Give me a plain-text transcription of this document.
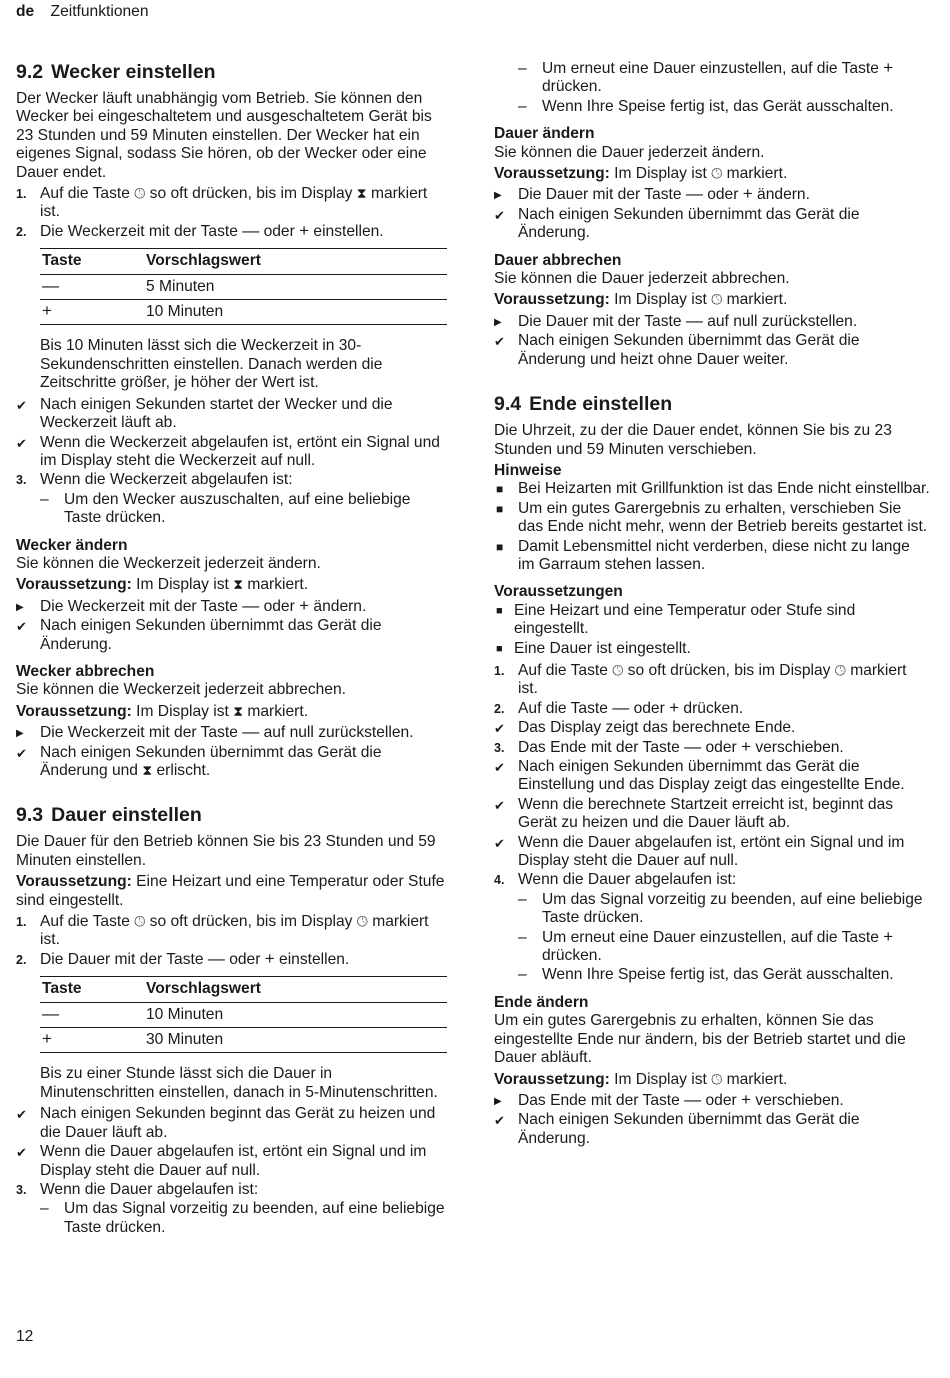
de Zeitfunktionen
9.2 Wecker einstellen

Der Wecker läuft unabhängig vom Betrieb. Sie können den Wecker bei eingeschaltetem und ausgeschaltetem Gerät bis 23 Stunden und 59 Minuten einstellen. Der Wecker hat ein eigenes Signal, sodass Sie hören, ob der Wecker oder eine Dauer endet.

1. Auf die Taste 🕓︎ so oft drücken, bis im Display ⧗ markiert ist.
2. Die Weckerzeit mit der Taste — oder + einstellen.
Taste	Vorschlagswert
—	5 Minuten
+	10 Minuten

Bis 10 Minuten lässt sich die Weckerzeit in 30-Sekundenschritten einstellen. Danach werden die Zeitschritte größer, je höher der Wert ist.

✔ Nach einigen Sekunden startet der Wecker und die Weckerzeit läuft ab.
✔ Wenn die Weckerzeit abgelaufen ist, ertönt ein Signal und im Display steht die Weckerzeit auf null.
3. Wenn die Weckerzeit abgelaufen ist:
– Um den Wecker auszuschalten, auf eine beliebige Taste drücken.
Wecker ändern

Sie können die Weckerzeit jederzeit ändern.

Voraussetzung: Im Display ist ⧗ markiert.

▶	Die Weckerzeit mit der Taste — oder + ändern.
✔ Nach einigen Sekunden übernimmt das Gerät die Änderung.
Wecker abbrechen

Sie können die Weckerzeit jederzeit abbrechen.

Voraussetzung: Im Display ist ⧗ markiert.

▶	Die Weckerzeit mit der Taste — auf null zurückstellen.
✔ Nach einigen Sekunden übernimmt das Gerät die Änderung und ⧗ erlischt.
9.3 Dauer einstellen

Die Dauer für den Betrieb können Sie bis 23 Stunden und 59 Minuten einstellen.

Voraussetzung: Eine Heizart und eine Temperatur oder Stufe sind eingestellt.

1. Auf die Taste 🕓︎ so oft drücken, bis im Display 🕓︎ markiert ist.
2. Die Dauer mit der Taste — oder + einstellen.
Taste	Vorschlagswert
—	10 Minuten
+	30 Minuten

Bis zu einer Stunde lässt sich die Dauer in Minutenschritten einstellen, danach in 5-Minutenschritten.

✔ Nach einigen Sekunden beginnt das Gerät zu heizen und die Dauer läuft ab.
✔ Wenn die Dauer abgelaufen ist, ertönt ein Signal und im Display steht die Dauer auf null.
3. Wenn die Dauer abgelaufen ist:
– Um das Signal vorzeitig zu beenden, auf eine beliebige Taste drücken.
– Um erneut eine Dauer einzustellen, auf die Taste + drücken.
– Wenn Ihre Speise fertig ist, das Gerät ausschalten.
Dauer ändern

Sie können die Dauer jederzeit ändern.

Voraussetzung: Im Display ist 🕓︎ markiert.

▶	Die Dauer mit der Taste — oder + ändern.
✔ Nach einigen Sekunden übernimmt das Gerät die Änderung.
Dauer abbrechen

Sie können die Dauer jederzeit abbrechen.

Voraussetzung: Im Display ist 🕓︎ markiert.

▶	Die Dauer mit der Taste — auf null zurückstellen.
✔ Nach einigen Sekunden übernimmt das Gerät die Änderung und heizt ohne Dauer weiter.
9.4 Ende einstellen

Die Uhrzeit, zu der die Dauer endet, können Sie bis zu 23 Stunden und 59 Minuten verschieben.

Hinweise
■ Bei Heizarten mit Grillfunktion ist das Ende nicht einstellbar.
■ Um ein gutes Garergebnis zu erhalten, verschieben Sie das Ende nicht mehr, wenn der Betrieb bereits gestartet ist.
■ Damit Lebensmittel nicht verderben, diese nicht zu lange im Garraum stehen lassen.
Voraussetzungen
■ Eine Heizart und eine Temperatur oder Stufe sind eingestellt.
■ Eine Dauer ist eingestellt.
1. Auf die Taste 🕓︎ so oft drücken, bis im Display 🕓︎ markiert ist.
2. Auf die Taste — oder + drücken.
✔ Das Display zeigt das berechnete Ende.
3. Das Ende mit der Taste — oder + verschieben.
✔ Nach einigen Sekunden übernimmt das Gerät die Einstellung und das Display zeigt das eingestellte Ende.
✔ Wenn die berechnete Startzeit erreicht ist, beginnt das Gerät zu heizen und die Dauer läuft ab.
✔ Wenn die Dauer abgelaufen ist, ertönt ein Signal und im Display steht die Dauer auf null.
4. Wenn die Dauer abgelaufen ist:
– Um das Signal vorzeitig zu beenden, auf eine beliebige Taste drücken.
– Um erneut eine Dauer einzustellen, auf die Taste + drücken.
– Wenn Ihre Speise fertig ist, das Gerät ausschalten.
Ende ändern

Um ein gutes Garergebnis zu erhalten, können Sie das eingestellte Ende nur ändern, bis der Betrieb startet und die Dauer abläuft.

Voraussetzung: Im Display ist 🕓︎ markiert.

▶	Das Ende mit der Taste — oder + verschieben.
✔ Nach einigen Sekunden übernimmt das Gerät die Änderung.
12
